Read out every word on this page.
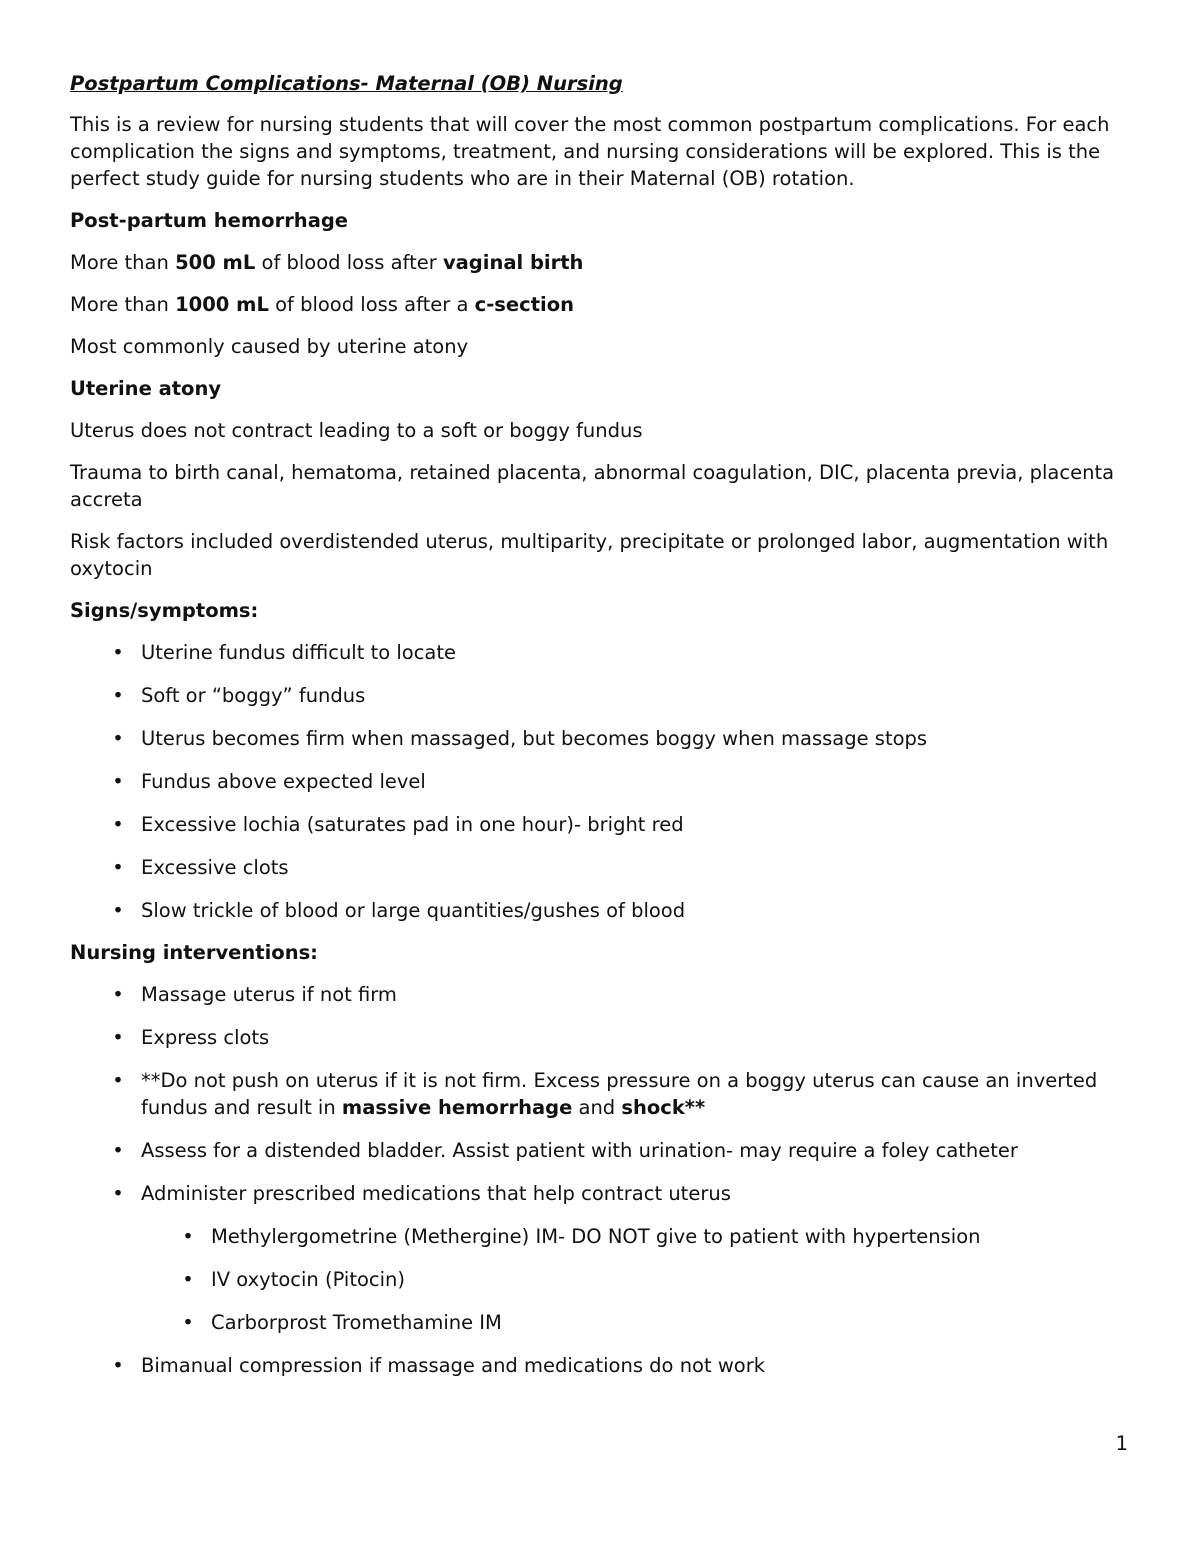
Postpartum Complications- Maternal (OB) Nursing

This is a review for nursing students that will cover the most common postpartum complications. For each complication the signs and symptoms, treatment, and nursing considerations will be explored. This is the perfect study guide for nursing students who are in their Maternal (OB) rotation.

Post-partum hemorrhage

More than 500 mL of blood loss after vaginal birth

More than 1000 mL of blood loss after a c-section

Most commonly caused by uterine atony

Uterine atony

Uterus does not contract leading to a soft or boggy fundus

Trauma to birth canal, hematoma, retained placenta, abnormal coagulation, DIC, placenta previa, placenta accreta

Risk factors included overdistended uterus, multiparity, precipitate or prolonged labor, augmentation with oxytocin

Signs/symptoms:

• Uterine fundus difficult to locate
• Soft or “boggy” fundus
• Uterus becomes firm when massaged, but becomes boggy when massage stops
• Fundus above expected level
• Excessive lochia (saturates pad in one hour)- bright red
• Excessive clots
• Slow trickle of blood or large quantities/gushes of blood

Nursing interventions:

• Massage uterus if not firm
• Express clots
• **Do not push on uterus if it is not firm. Excess pressure on a boggy uterus can cause an inverted fundus and result in massive hemorrhage and shock**
• Assess for a distended bladder. Assist patient with urination- may require a foley catheter
• Administer prescribed medications that help contract uterus
• Methylergometrine (Methergine) IM- DO NOT give to patient with hypertension
• IV oxytocin (Pitocin)
• Carborprost Tromethamine IM
• Bimanual compression if massage and medications do not work
1
